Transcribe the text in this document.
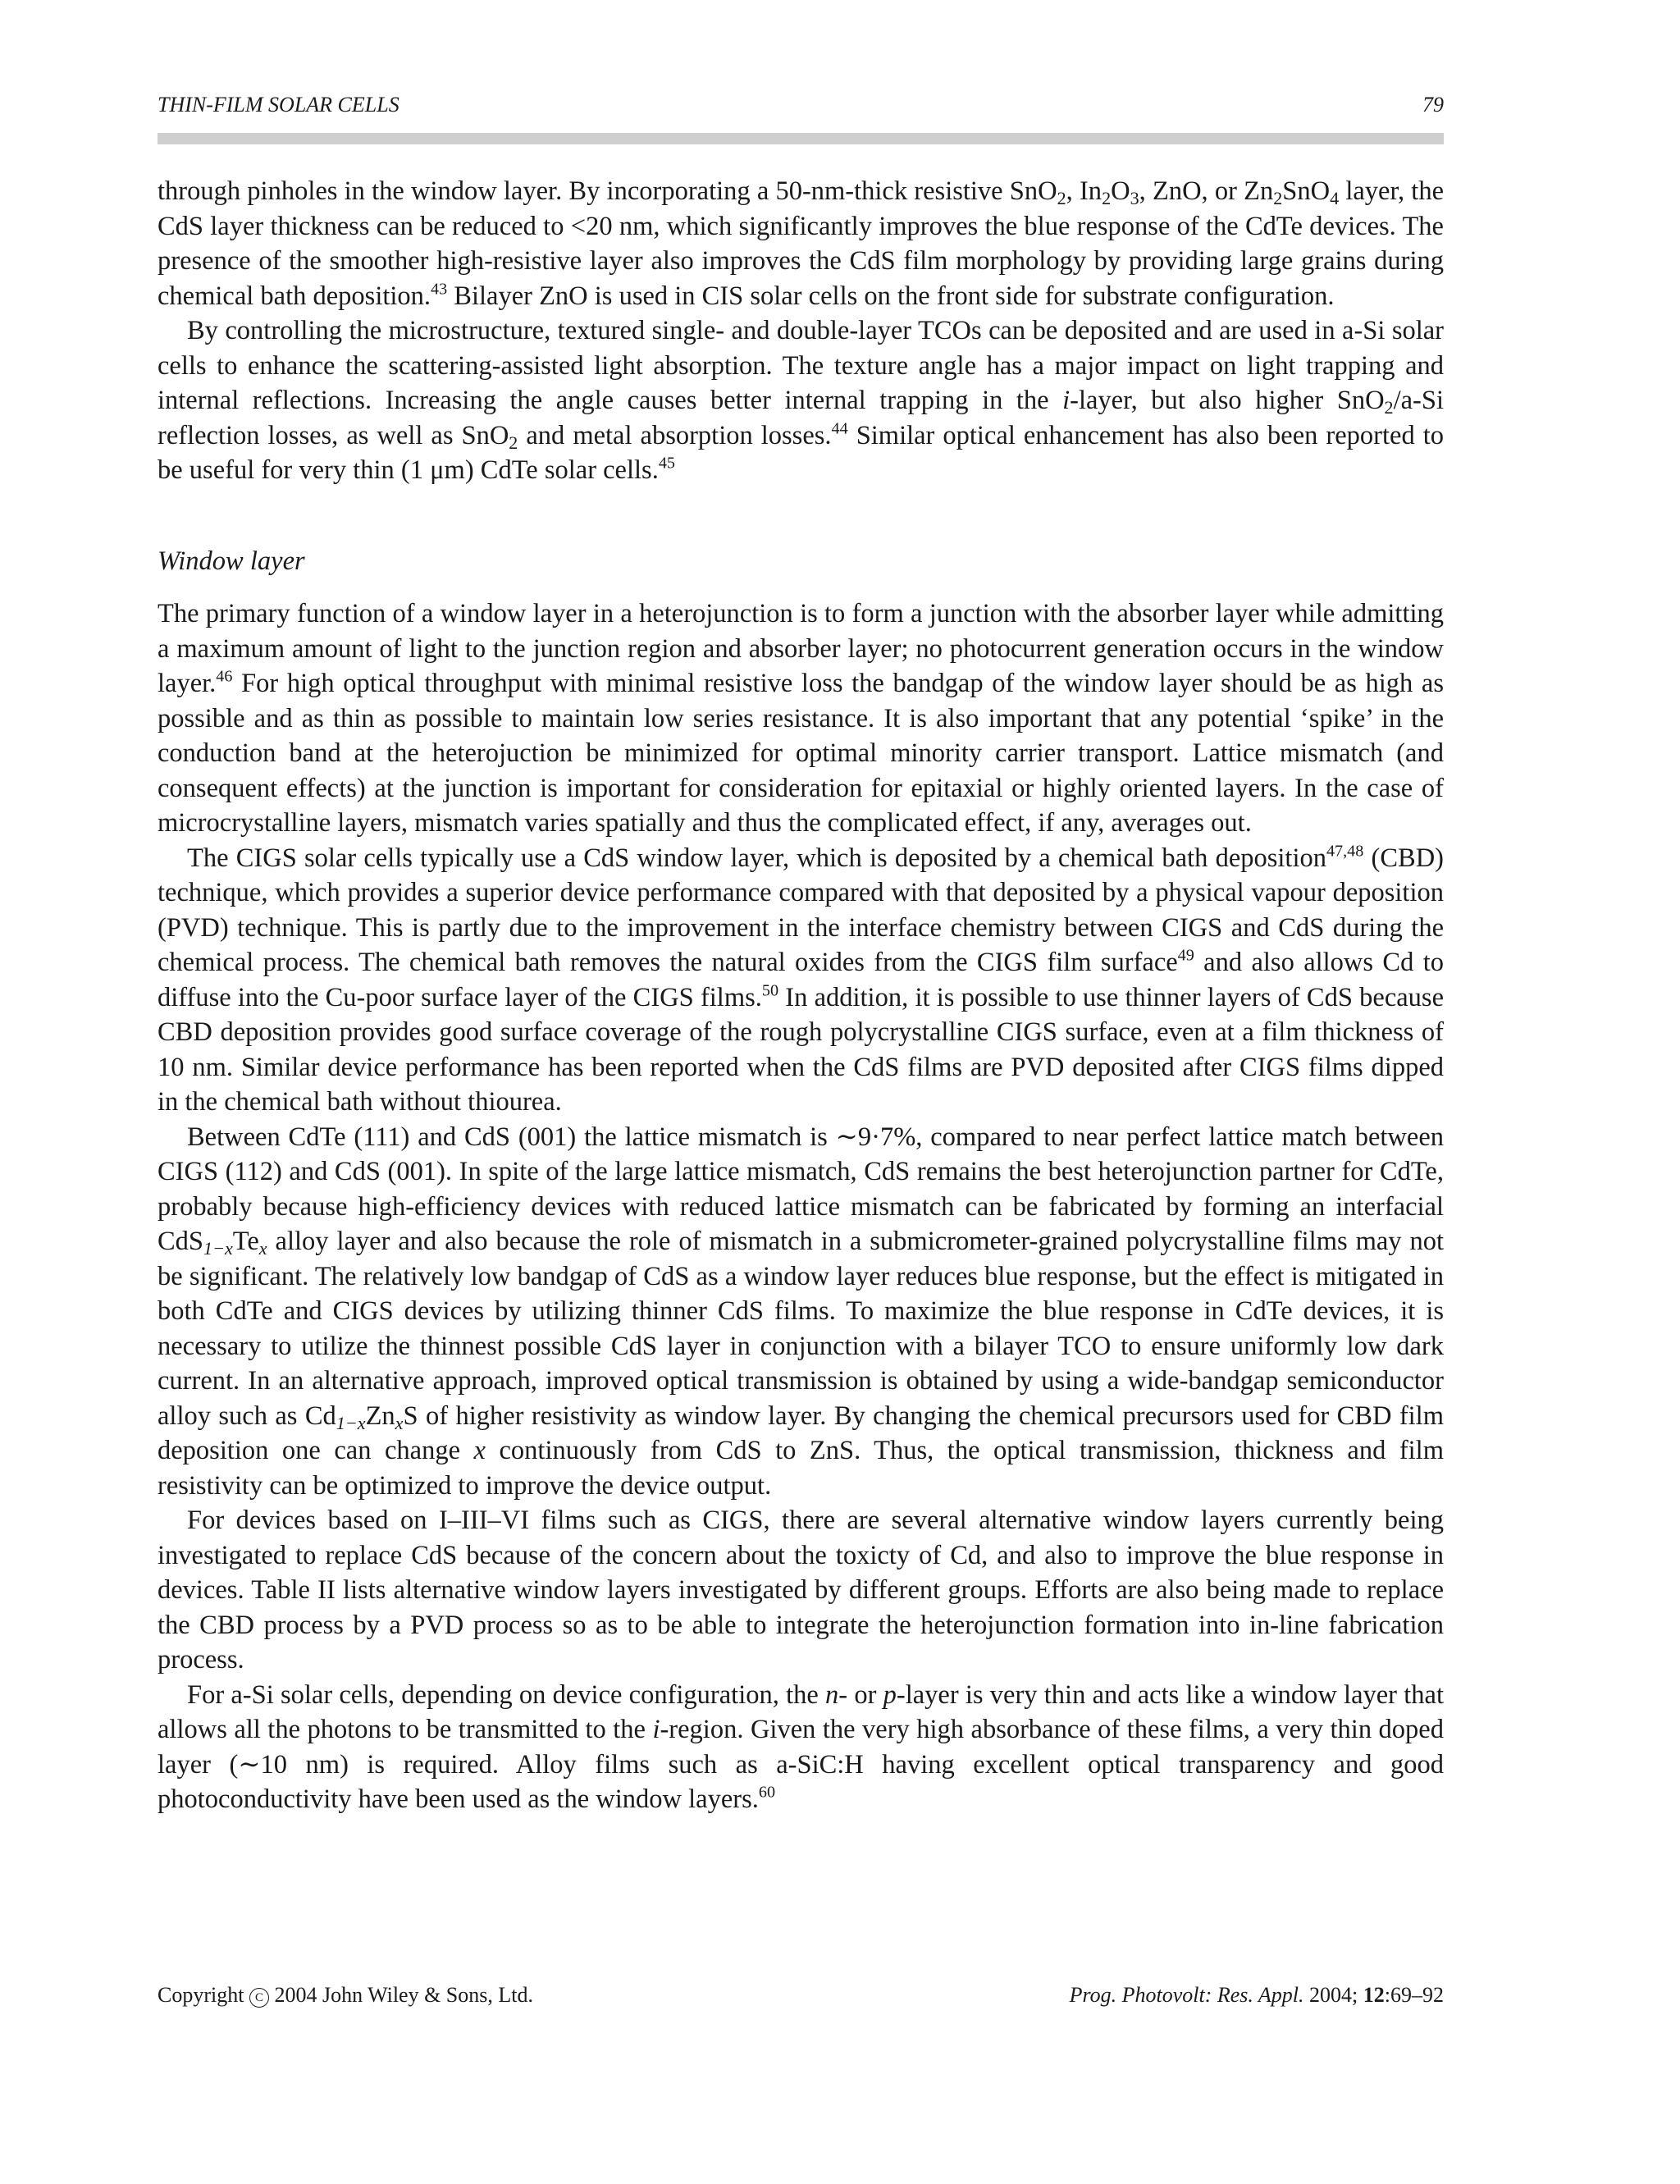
THIN-FILM SOLAR CELLS	79

through pinholes in the window layer. By incorporating a 50-nm-thick resistive SnO$_2$, $In_2O_3$, ZnO, or $Zn_2SnO_4$ layer, the CdS layer thickness can be reduced to <20 nm, which significantly improves the blue response of the CdTe devices. The presence of the smoother high-resistive layer also improves the CdS film morphology by providing large grains during chemical bath deposition.$^{43}$ Bilayer ZnO is used in CIS solar cells on the front side for substrate configuration.

By controlling the microstructure, textured single- and double-layer TCOs can be deposited and are used in a-Si solar cells to enhance the scattering-assisted light absorption. The texture angle has a major impact on light trapping and internal reflections. Increasing the angle causes better internal trapping in the i-layer, but also higher SnO$_2$/a-Si reflection losses, as well as SnO$_2$ and metal absorption losses.$^{44}$ Similar optical enhancement has also been reported to be useful for very thin (1 μm) CdTe solar cells.$^{45}$

Window layer

The primary function of a window layer in a heterojunction is to form a junction with the absorber layer while admitting a maximum amount of light to the junction region and absorber layer; no photocurrent generation occurs in the window layer.$^{46}$ For high optical throughput with minimal resistive loss the bandgap of the window layer should be as high as possible and as thin as possible to maintain low series resistance. It is also important that any potential ‘spike’ in the conduction band at the heterojuction be minimized for optimal minority carrier transport. Lattice mismatch (and consequent effects) at the junction is important for consideration for epitaxial or highly oriented layers. In the case of microcrystalline layers, mismatch varies spatially and thus the complicated effect, if any, averages out.

The CIGS solar cells typically use a CdS window layer, which is deposited by a chemical bath deposition$^{47,48}$ (CBD) technique, which provides a superior device performance compared with that deposited by a physical vapour deposition (PVD) technique. This is partly due to the improvement in the interface chemistry between CIGS and CdS during the chemical process. The chemical bath removes the natural oxides from the CIGS film surface$^{49}$ and also allows Cd to diffuse into the Cu-poor surface layer of the CIGS films.$^{50}$ In addition, it is possible to use thinner layers of CdS because CBD deposition provides good surface coverage of the rough polycrystalline CIGS surface, even at a film thickness of 10 nm. Similar device performance has been reported when the CdS films are PVD deposited after CIGS films dipped in the chemical bath without thiourea.

Between CdTe (111) and CdS (001) the lattice mismatch is ∼9·7%, compared to near perfect lattice match between CIGS (112) and CdS (001). In spite of the large lattice mismatch, CdS remains the best heterojunction partner for CdTe, probably because high-efficiency devices with reduced lattice mismatch can be fabricated by forming an interfacial $CdS_{1-x}Te_x$ alloy layer and also because the role of mismatch in a submicrometer-grained polycrystalline films may not be significant. The relatively low bandgap of CdS as a window layer reduces blue response, but the effect is mitigated in both CdTe and CIGS devices by utilizing thinner CdS films. To maximize the blue response in CdTe devices, it is necessary to utilize the thinnest possible CdS layer in conjunction with a bilayer TCO to ensure uniformly low dark current. In an alternative approach, improved optical transmission is obtained by using a wide-bandgap semiconductor alloy such as $Cd_{1-x}Zn_xS$ of higher resistivity as window layer. By changing the chemical precursors used for CBD film deposition one can change x continuously from CdS to ZnS. Thus, the optical transmission, thickness and film resistivity can be optimized to improve the device output.

For devices based on I–III–VI films such as CIGS, there are several alternative window layers currently being investigated to replace CdS because of the concern about the toxicty of Cd, and also to improve the blue response in devices. Table II lists alternative window layers investigated by different groups. Efforts are also being made to replace the CBD process by a PVD process so as to be able to integrate the heterojunction formation into in-line fabrication process.

For a-Si solar cells, depending on device configuration, the n- or p-layer is very thin and acts like a window layer that allows all the photons to be transmitted to the i-region. Given the very high absorbance of these films, a very thin doped layer (∼10 nm) is required. Alloy films such as a-SiC:H having excellent optical transparency and good photoconductivity have been used as the window layers.$^{60}$

Copyright C 2004 John Wiley & Sons, Ltd.	Prog. Photovolt: Res. Appl. 2004; 12:69–92
